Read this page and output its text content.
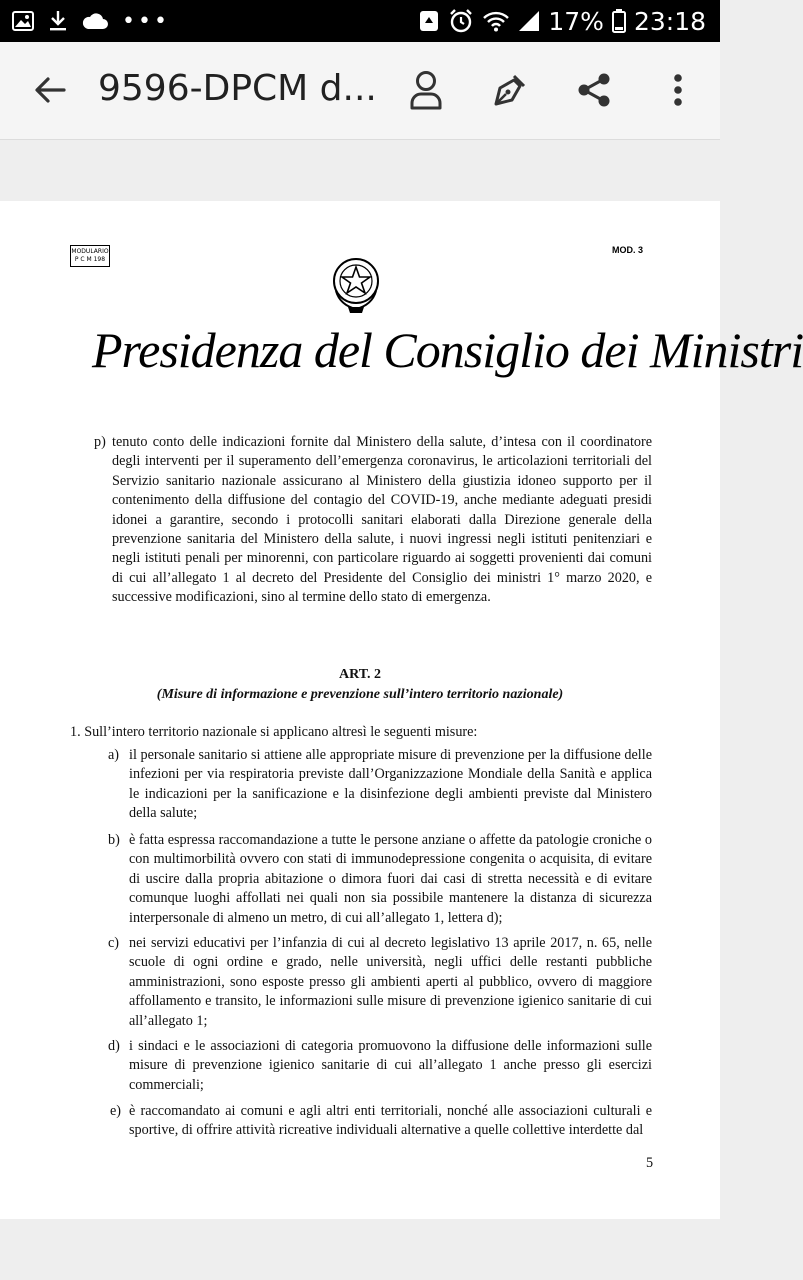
•••	17% 23:18
9596-DPCM d...
MODULARIO
P C M 198
MOD. 3
Presidenza del Consiglio dei Ministri
p) tenuto conto delle indicazioni fornite dal Ministero della salute, d’intesa con il coordinatore degli interventi per il superamento dell’emergenza coronavirus, le articolazioni territoriali del Servizio sanitario nazionale assicurano al Ministero della giustizia idoneo supporto per il contenimento della diffusione del contagio del COVID-19, anche mediante adeguati presidi idonei a garantire, secondo i protocolli sanitari elaborati dalla Direzione generale della prevenzione sanitaria del Ministero della salute, i nuovi ingressi negli istituti penitenziari e negli istituti penali per minorenni, con particolare riguardo ai soggetti provenienti dai comuni di cui all’allegato 1 al decreto del Presidente del Consiglio dei ministri 1° marzo 2020, e successive modificazioni, sino al termine dello stato di emergenza.
ART. 2
(Misure di informazione e prevenzione sull’intero territorio nazionale)
1. Sull’intero territorio nazionale si applicano altresì le seguenti misure:
a) il personale sanitario si attiene alle appropriate misure di prevenzione per la diffusione delle infezioni per via respiratoria previste dall’Organizzazione Mondiale della Sanità e applica le indicazioni per la sanificazione e la disinfezione degli ambienti previste dal Ministero della salute;
b) è fatta espressa raccomandazione a tutte le persone anziane o affette da patologie croniche o con multimorbilità ovvero con stati di immunodepressione congenita o acquisita, di evitare di uscire dalla propria abitazione o dimora fuori dai casi di stretta necessità e di evitare comunque luoghi affollati nei quali non sia possibile mantenere la distanza di sicurezza interpersonale di almeno un metro, di cui all’allegato 1, lettera d);
c) nei servizi educativi per l’infanzia di cui al decreto legislativo 13 aprile 2017, n. 65, nelle scuole di ogni ordine e grado, nelle università, negli uffici delle restanti pubbliche amministrazioni, sono esposte presso gli ambienti aperti al pubblico, ovvero di maggiore affollamento e transito, le informazioni sulle misure di prevenzione igienico sanitarie di cui all’allegato 1;
d) i sindaci e le associazioni di categoria promuovono la diffusione delle informazioni sulle misure di prevenzione igienico sanitarie di cui all’allegato 1 anche presso gli esercizi commerciali;
e) è raccomandato ai comuni e agli altri enti territoriali, nonché alle associazioni culturali e sportive, di offrire attività ricreative individuali alternative a quelle collettive interdette dal
5
